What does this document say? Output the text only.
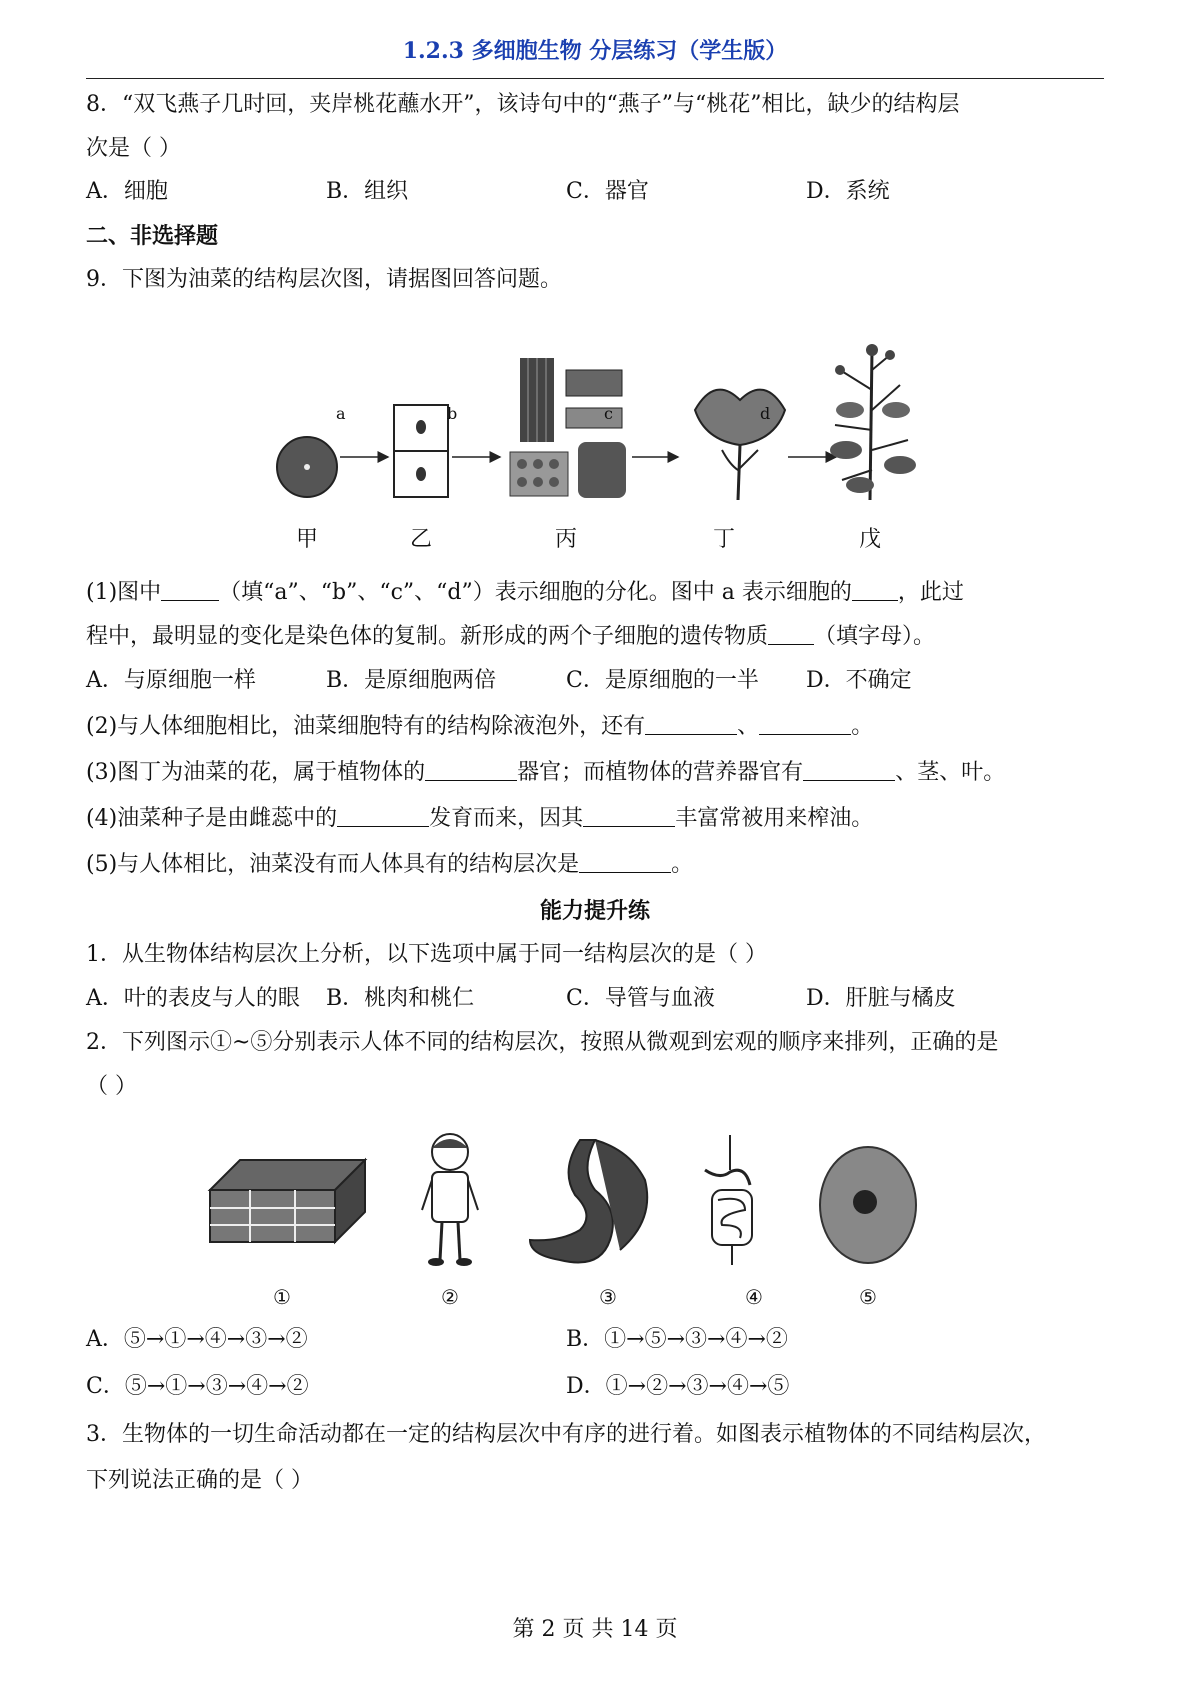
1.2.3 多细胞生物 分层练习（学生版）
8．“双飞燕子几时回，夹岸桃花蘸水开”，该诗句中的“燕子”与“桃花”相比，缺少的结构层
次是（ ）
A．细胞	B．组织	C．器官	D．系统
二、非选择题
9．下图为油菜的结构层次图，请据图回答问题。
a	b	c	d
甲	乙	丙	丁	戊
(1)图中	（填“a”、“b”、“c”、“d”）表示细胞的分化。图中 a 表示细胞的 ，此过
程中，最明显的变化是染色体的复制。新形成的两个子细胞的遗传物质 （填字母）。
A．与原细胞一样	B．是原细胞两倍	C．是原细胞的一半 D．不确定
(2)与人体细胞相比，油菜细胞特有的结构除液泡外，还有	、	。
(3)图丁为油菜的花，属于植物体的	器官；而植物体的营养器官有	、茎、叶。
(4)油菜种子是由雌蕊中的	发育而来，因其	丰富常被用来榨油。
(5)与人体相比，油菜没有而人体具有的结构层次是	。
能力提升练
1．从生物体结构层次上分析，以下选项中属于同一结构层次的是（ ）
A．叶的表皮与人的眼 B．桃肉和桃仁	C．导管与血液	D．肝脏与橘皮
2．下列图示①~⑤分别表示人体不同的结构层次，按照从微观到宏观的顺序来排列，正确的是
（ ）
①	②	③	④	⑤
A．⑤→①→④→③→②	B．①→⑤→③→④→②
C．⑤→①→③→④→②	D．①→②→③→④→⑤
3．生物体的一切生命活动都在一定的结构层次中有序的进行着。如图表示植物体的不同结构层次，
下列说法正确的是（ ）
第 2 页 共 14 页
